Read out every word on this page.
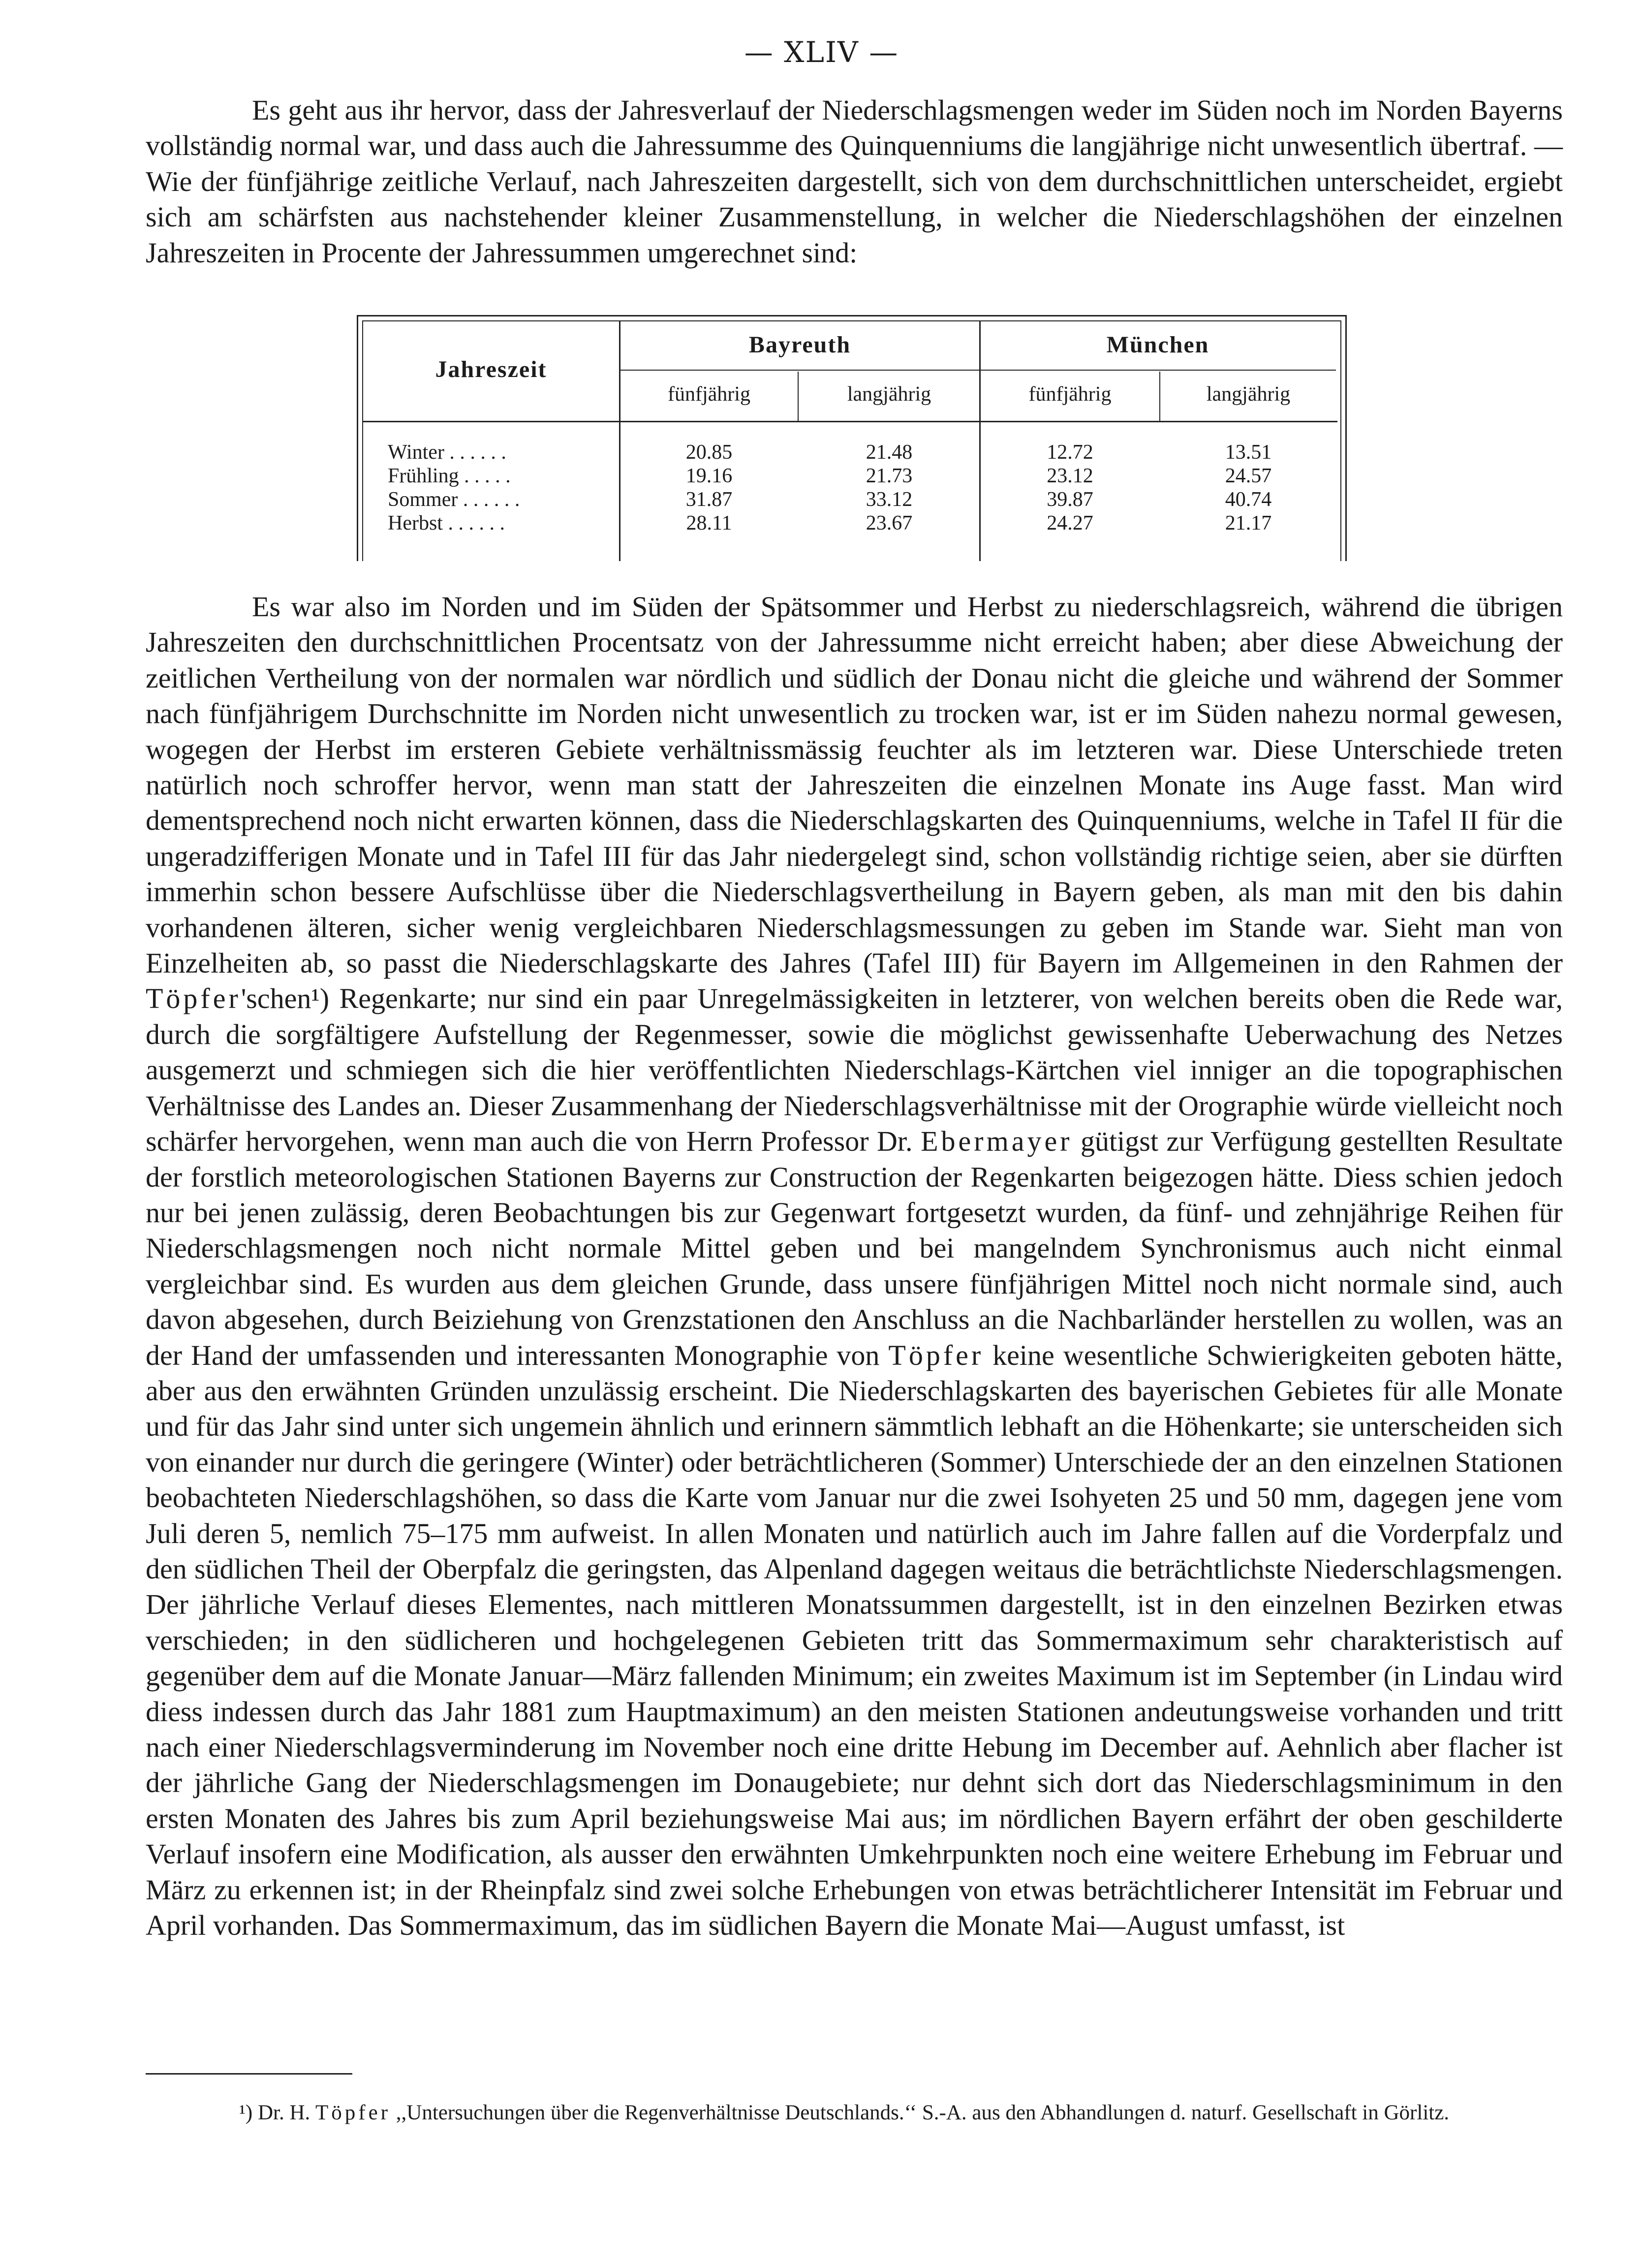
— XLIV —

Es geht aus ihr hervor, dass der Jahresverlauf der Niederschlagsmengen weder im Süden noch im Norden Bayerns vollständig normal war, und dass auch die Jahressumme des Quinquenniums die langjährige nicht unwesentlich übertraf. — Wie der fünfjährige zeitliche Verlauf, nach Jahreszeiten dargestellt, sich von dem durchschnittlichen unterscheidet, ergiebt sich am schärfsten aus nachstehender kleiner Zusammenstellung, in welcher die Niederschlagshöhen der einzelnen Jahreszeiten in Procente der Jahressummen umgerechnet sind:

Jahreszeit
Bayreuth	München
fünfjährig	langjährig	fünfjährig	langjährig
Winter . . . . . .	20.85	21.48	12.72	13.51
Frühling . . . . .	19.16	21.73	23.12	24.57
Sommer . . . . . .	31.87	33.12	39.87	40.74
Herbst . . . . . .	28.11	23.67	24.27	21.17

Es war also im Norden und im Süden der Spätsommer und Herbst zu niederschlagsreich, während die übrigen Jahreszeiten den durchschnittlichen Procentsatz von der Jahressumme nicht erreicht haben; aber diese Abweichung der zeitlichen Vertheilung von der normalen war nördlich und südlich der Donau nicht die gleiche und während der Sommer nach fünfjährigem Durchschnitte im Norden nicht unwesentlich zu trocken war, ist er im Süden nahezu normal gewesen, wogegen der Herbst im ersteren Gebiete verhältnissmässig feuchter als im letzteren war. Diese Unterschiede treten natürlich noch schroffer hervor, wenn man statt der Jahreszeiten die einzelnen Monate ins Auge fasst. Man wird dementsprechend noch nicht erwarten können, dass die Niederschlagskarten des Quinquenniums, welche in Tafel II für die ungeradzifferigen Monate und in Tafel III für das Jahr niedergelegt sind, schon vollständig richtige seien, aber sie dürften immerhin schon bessere Aufschlüsse über die Niederschlagsvertheilung in Bayern geben, als man mit den bis dahin vorhandenen älteren, sicher wenig vergleichbaren Niederschlagsmessungen zu geben im Stande war. Sieht man von Einzelheiten ab, so passt die Niederschlagskarte des Jahres (Tafel III) für Bayern im Allgemeinen in den Rahmen der Töpfer'schen¹) Regenkarte; nur sind ein paar Unregelmässigkeiten in letzterer, von welchen bereits oben die Rede war, durch die sorgfältigere Aufstellung der Regenmesser, sowie die möglichst gewissenhafte Ueberwachung des Netzes ausgemerzt und schmiegen sich die hier veröffentlichten Niederschlags-Kärtchen viel inniger an die topographischen Verhältnisse des Landes an. Dieser Zusammenhang der Niederschlagsverhältnisse mit der Orographie würde vielleicht noch schärfer hervorgehen, wenn man auch die von Herrn Professor Dr. Ebermayer gütigst zur Verfügung gestellten Resultate der forstlich meteorologischen Stationen Bayerns zur Construction der Regenkarten beigezogen hätte. Diess schien jedoch nur bei jenen zulässig, deren Beobachtungen bis zur Gegenwart fortgesetzt wurden, da fünf- und zehnjährige Reihen für Niederschlagsmengen noch nicht normale Mittel geben und bei mangelndem Synchronismus auch nicht einmal vergleichbar sind. Es wurden aus dem gleichen Grunde, dass unsere fünfjährigen Mittel noch nicht normale sind, auch davon abgesehen, durch Beiziehung von Grenzstationen den Anschluss an die Nachbarländer herstellen zu wollen, was an der Hand der umfassenden und interessanten Monographie von Töpfer keine wesentliche Schwierigkeiten geboten hätte, aber aus den erwähnten Gründen unzulässig erscheint. Die Niederschlagskarten des bayerischen Gebietes für alle Monate und für das Jahr sind unter sich ungemein ähnlich und erinnern sämmtlich lebhaft an die Höhenkarte; sie unterscheiden sich von einander nur durch die geringere (Winter) oder beträchtlicheren (Sommer) Unterschiede der an den einzelnen Stationen beobachteten Niederschlagshöhen, so dass die Karte vom Januar nur die zwei Isohyeten 25 und 50 mm, dagegen jene vom Juli deren 5, nemlich 75–175 mm aufweist. In allen Monaten und natürlich auch im Jahre fallen auf die Vorderpfalz und den südlichen Theil der Oberpfalz die geringsten, das Alpenland dagegen weitaus die beträchtlichste Niederschlagsmengen. Der jährliche Verlauf dieses Elementes, nach mittleren Monatssummen dargestellt, ist in den einzelnen Bezirken etwas verschieden; in den südlicheren und hochgelegenen Gebieten tritt das Sommermaximum sehr charakteristisch auf gegenüber dem auf die Monate Januar—März fallenden Minimum; ein zweites Maximum ist im September (in Lindau wird diess indessen durch das Jahr 1881 zum Hauptmaximum) an den meisten Stationen andeutungsweise vorhanden und tritt nach einer Niederschlagsverminderung im November noch eine dritte Hebung im December auf. Aehnlich aber flacher ist der jährliche Gang der Niederschlagsmengen im Donaugebiete; nur dehnt sich dort das Niederschlagsminimum in den ersten Monaten des Jahres bis zum April beziehungsweise Mai aus; im nördlichen Bayern erfährt der oben geschilderte Verlauf insofern eine Modification, als ausser den erwähnten Umkehrpunkten noch eine weitere Erhebung im Februar und März zu erkennen ist; in der Rheinpfalz sind zwei solche Erhebungen von etwas beträchtlicherer Intensität im Februar und April vorhanden. Das Sommermaximum, das im südlichen Bayern die Monate Mai—August umfasst, ist

¹) Dr. H. Töpfer ,,Untersuchungen über die Regenverhältnisse Deutschlands.‘‘ S.-A. aus den Abhandlungen d. naturf. Gesellschaft in Görlitz.
